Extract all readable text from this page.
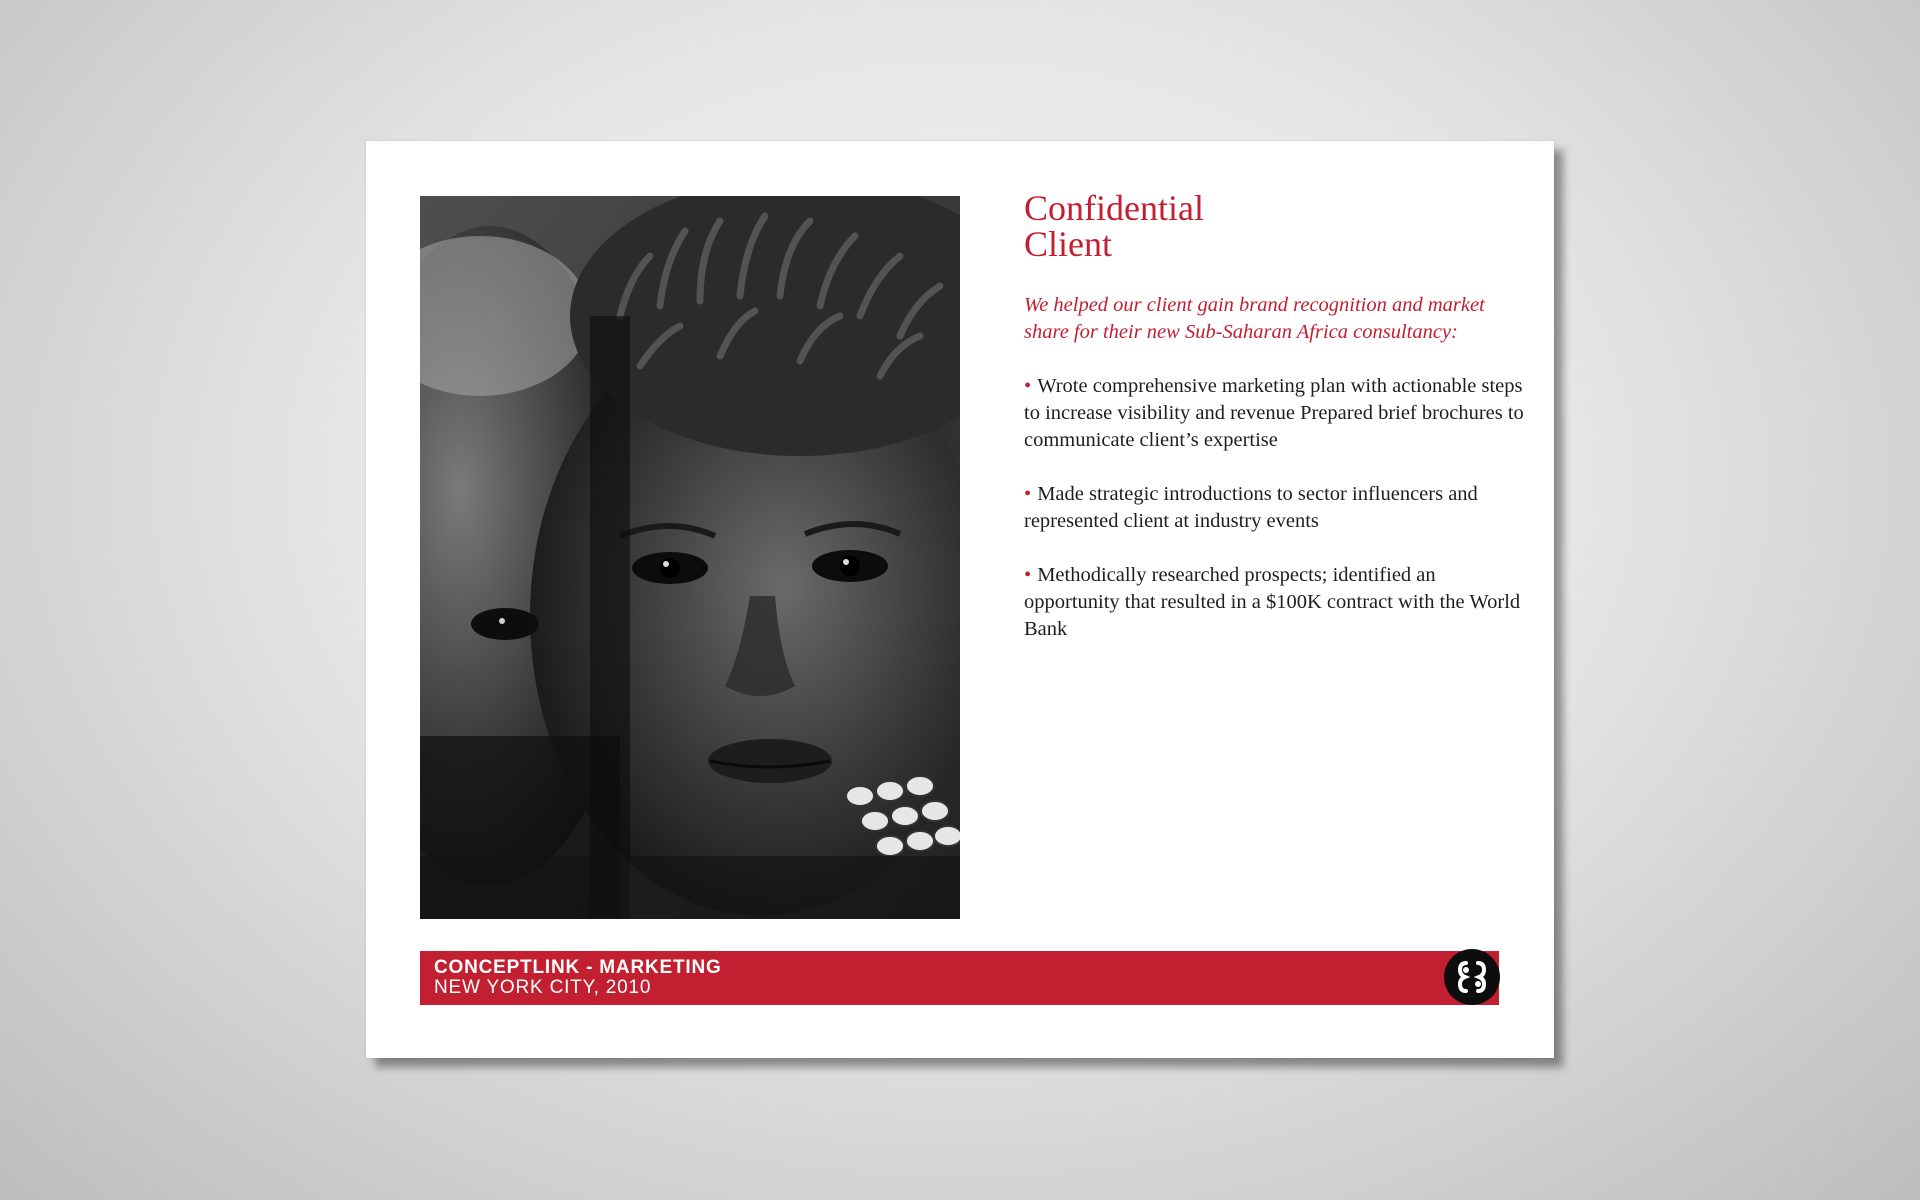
Confidential
Client

We helped our client gain brand recognition and market share for their new Sub-Saharan Africa consultancy:

• Wrote comprehensive marketing plan with actionable steps to increase visibility and revenue Prepared brief brochures to communicate client’s expertise
• Made strategic introductions to sector influencers and represented client at industry events
• Methodically researched prospects; identified an opportunity that resulted in a $100K contract with the World Bank
CONCEPTLINK - MARKETING
NEW YORK CITY, 2010
